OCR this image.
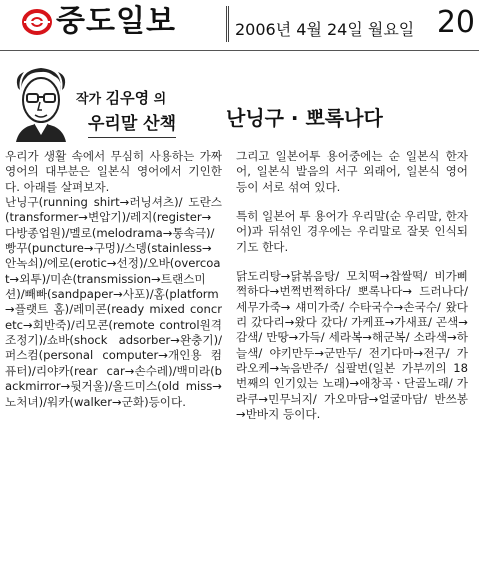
중도일보	2006년 4월 24일 월요일 20
작가 김우영 의
우리말 산책 난닝구 · 뽀록나다

우리가 생활 속에서 무심히 사용하는 가짜 영어의 대부분은 일본식 영어에서 기인한다. 아래를 살펴보자.

난닝구(running shirt→러닝셔츠)/ 도란스(transformer→변압기)/레지(register→다방종업원)/멜로(melodrama→통속극)/빵꾸(puncture→구멍)/스뎅(stainless→안녹쇠)/에로(erotic→선정)/오바(overcoat→외투)/미숀(transmission→트랜스미션)/빼빠(sandpaper→사포)/홈(platform→플랫트 홈)/레미콘(ready mixed concretc→회반죽)/리모콘(remote control원격조정기)/쇼바(shock adsorber→완충기)/ 퍼스컴(personal computer→개인용 컴퓨터)/리야카(rear car→손수레)/백미라(backmirror→뒷거울)/올드미스(old miss→노처녀)/워카(walker→군화)등이다.

그리고 일본어투 용어중에는 순 일본식 한자어, 일본식 발음의 서구 외래어, 일본식 영어 등이 서로 섞여 있다.

특히 일본어 투 용어가 우리말(순 우리말, 한자어)과 뒤섞인 경우에는 우리말로 잘못 인식되기도 한다.

닭도리탕→닭볶음탕/ 모치떡→찹쌀떡/ 비가삐쩍하다→번쩍번쩍하다/ 뽀록나다→ 드러나다/ 세무가죽→ 섀미가죽/ 수타국수→손국수/ 왔다리 갔다리→왔다 갔다/ 가케표→가새표/ 곤색→감색/ 만땅→가득/ 세라복→해군복/ 소라색→하늘색/ 야키만두→군만두/ 전기다마→전구/ 가라오케→녹음반주/ 십팔번(일본 가부끼의 18번째의 인기있는 노래)→애창곡ㆍ단골노래/ 가라쿠→민무늬지/ 가오마담→얼굴마담/ 반쓰봉→반바지 등이다.
